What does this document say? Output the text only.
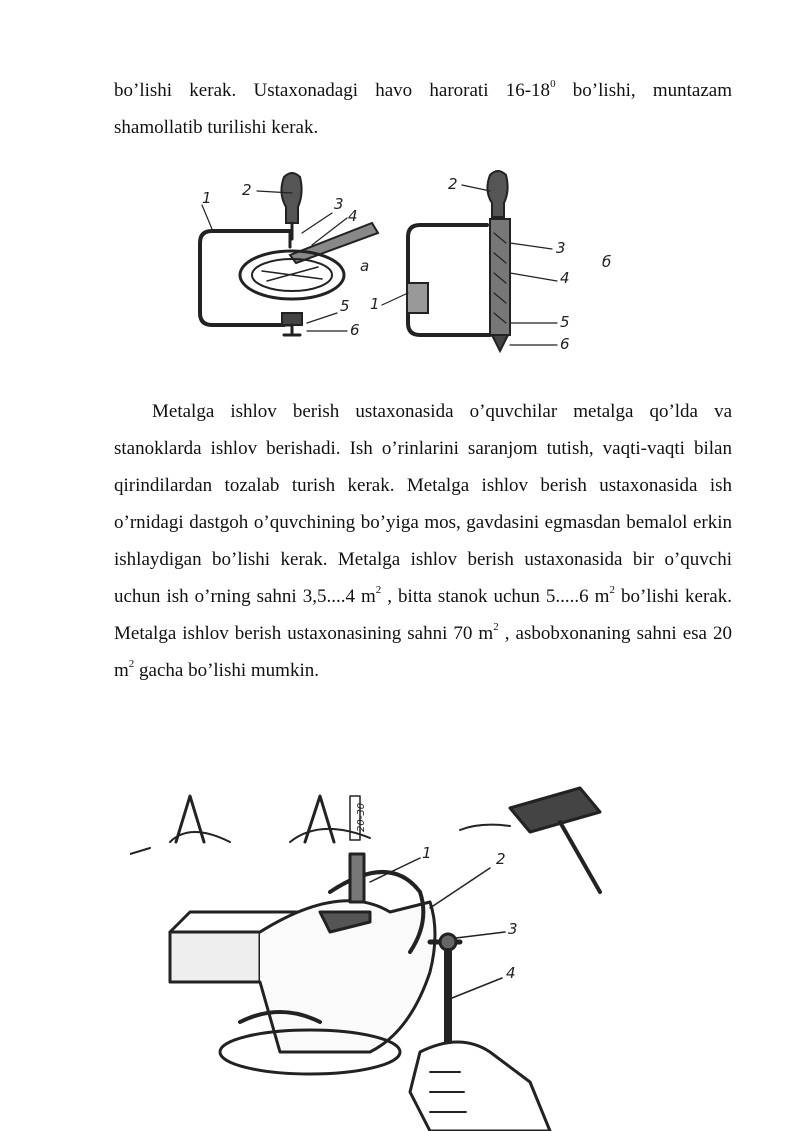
bo’lishi kerak. Ustaxonadagi havo harorati $16-18^0$ bo’lishi, muntazam shamollatib turilishi kerak.

1 2
3
4
a
5
6
2
3
4
5
6
1
б

Metalga ishlov berish ustaxonasida o’quvchilar metalga qo’lda va stanoklarda ishlov berishadi. Ish o’rinlarini saranjom tutish, vaqti-vaqti bilan qirindilardan tozalab turish kerak. Metalga ishlov berish ustaxonasida ish o’rnidagi dastgoh o’quvchining bo’yiga mos, gavdasini egmasdan bemalol erkin ishlaydigan bo’lishi kerak. Metalga ishlov berish ustaxonasida bir o’quvchi uchun ish o’rning sahni 3,5....4 $m^2$ , bitta stanok uchun 5.....6 $m^2$ bo’lishi kerak. Metalga ishlov berish ustaxonasining sahni 70 $m^2$ , asbobxonaning sahni esa 20 $m^2$ gacha bo’lishi mumkin.

1	2
3
4
20-30
